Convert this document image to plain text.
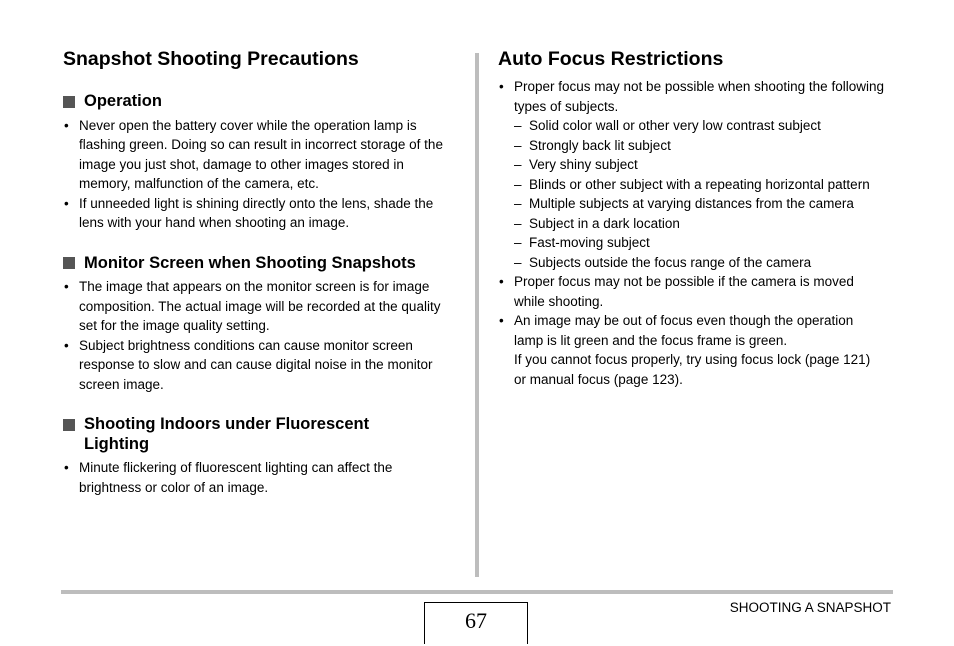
Snapshot Shooting Precautions
Operation
• Never open the battery cover while the operation lamp is
flashing green. Doing so can result in incorrect storage of the
image you just shot, damage to other images stored in
memory, malfunction of the camera, etc.
• If unneeded light is shining directly onto the lens, shade the
lens with your hand when shooting an image.
Monitor Screen when Shooting Snapshots
• The image that appears on the monitor screen is for image
composition. The actual image will be recorded at the quality
set for the image quality setting.
• Subject brightness conditions can cause monitor screen
response to slow and can cause digital noise in the monitor
screen image.
Shooting Indoors under Fluorescent
Lighting
• Minute flickering of fluorescent lighting can affect the
brightness or color of an image.
Auto Focus Restrictions
• Proper focus may not be possible when shooting the following
types of subjects.
– Solid color wall or other very low contrast subject
– Strongly back lit subject
– Very shiny subject
– Blinds or other subject with a repeating horizontal pattern
– Multiple subjects at varying distances from the camera
– Subject in a dark location
– Fast-moving subject
– Subjects outside the focus range of the camera
• Proper focus may not be possible if the camera is moved
while shooting.
• An image may be out of focus even though the operation
lamp is lit green and the focus frame is green.
If you cannot focus properly, try using focus lock (page 121)
or manual focus (page 123).
67
SHOOTING A SNAPSHOT
